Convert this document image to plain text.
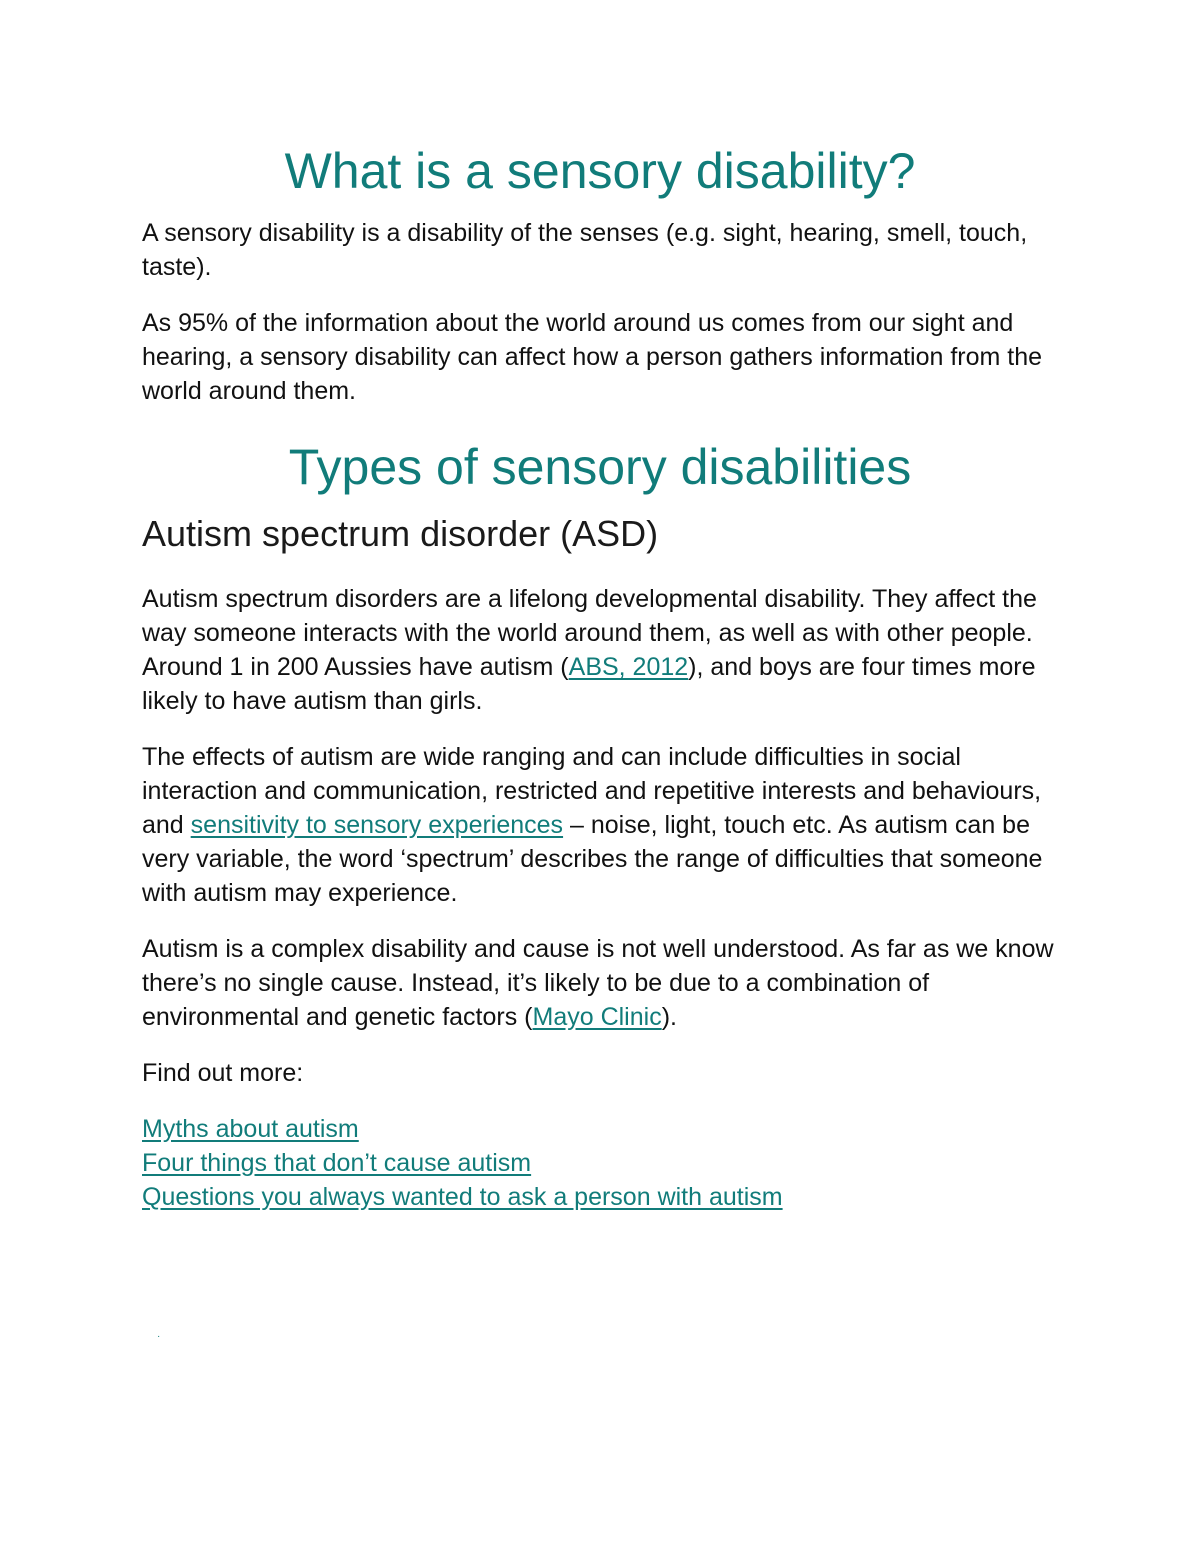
What is a sensory disability?

A sensory disability is a disability of the senses (e.g. sight, hearing, smell, touch, taste).

As 95% of the information about the world around us comes from our sight and hearing, a sensory disability can affect how a person gathers information from the world around them.

Types of sensory disabilities
Autism spectrum disorder (ASD)

Autism spectrum disorders are a lifelong developmental disability. They affect the way someone interacts with the world around them, as well as with other people. Around 1 in 200 Aussies have autism (ABS, 2012), and boys are four times more likely to have autism than girls.

The effects of autism are wide ranging and can include difficulties in social interaction and communication, restricted and repetitive interests and behaviours, and sensitivity to sensory experiences – noise, light, touch etc. As autism can be very variable, the word ‘spectrum’ describes the range of difficulties that someone with autism may experience.

Autism is a complex disability and cause is not well understood. As far as we know there’s no single cause. Instead, it’s likely to be due to a combination of environmental and genetic factors (Mayo Clinic).

Find out more:

Myths about autism
Four things that don’t cause autism
Questions you always wanted to ask a person with autism
·
